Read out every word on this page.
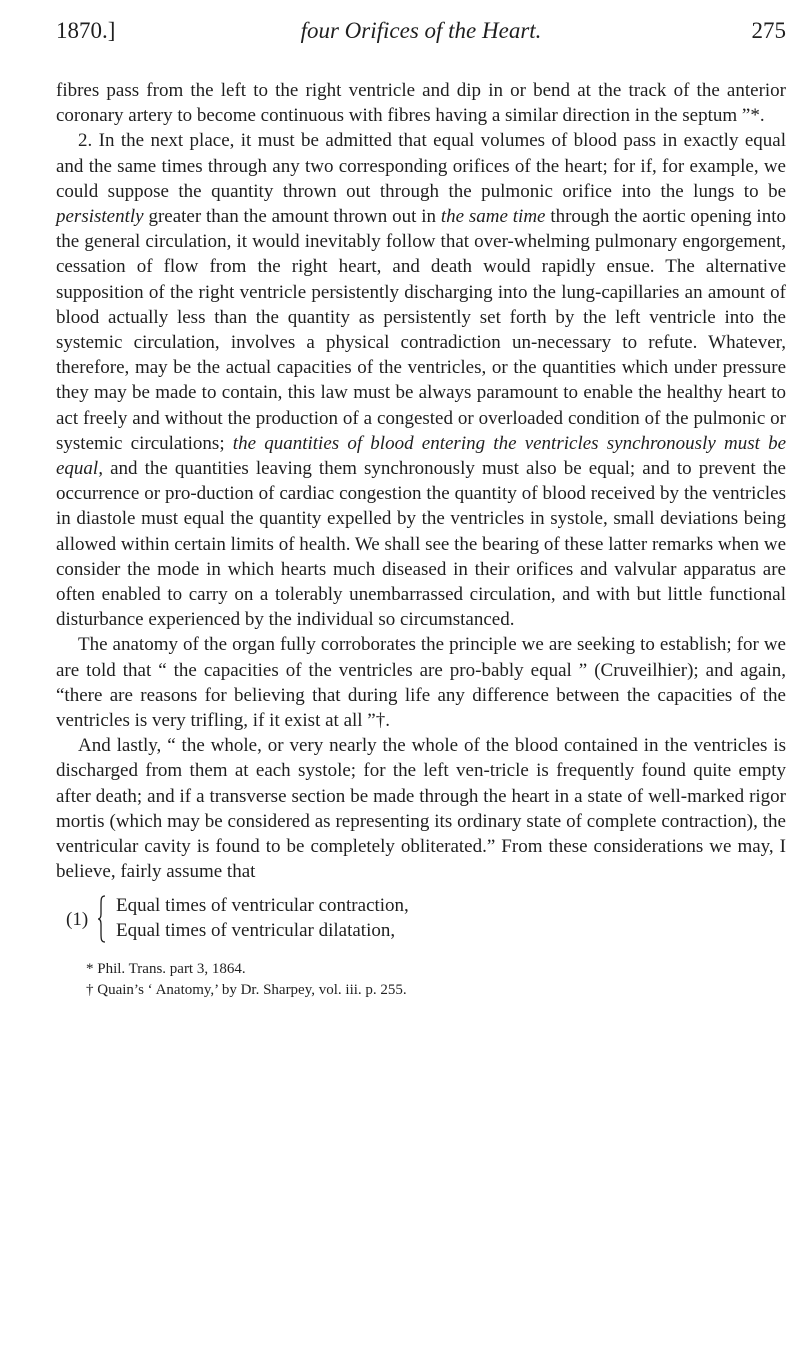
1870.]	four Orifices of the Heart.	275

fibres pass from the left to the right ventricle and dip in or bend at the track of the anterior coronary artery to become continuous with fibres having a similar direction in the septum ”*.

2. In the next place, it must be admitted that equal volumes of blood pass in exactly equal and the same times through any two corresponding orifices of the heart; for if, for example, we could suppose the quantity thrown out through the pulmonic orifice into the lungs to be persistently greater than the amount thrown out in the same time through the aortic opening into the general circulation, it would inevitably follow that over-whelming pulmonary engorgement, cessation of flow from the right heart, and death would rapidly ensue. The alternative supposition of the right ventricle persistently discharging into the lung-capillaries an amount of blood actually less than the quantity as persistently set forth by the left ventricle into the systemic circulation, involves a physical contradiction un-necessary to refute. Whatever, therefore, may be the actual capacities of the ventricles, or the quantities which under pressure they may be made to contain, this law must be always paramount to enable the healthy heart to act freely and without the production of a congested or overloaded condition of the pulmonic or systemic circulations; the quantities of blood entering the ventricles synchronously must be equal, and the quantities leaving them synchronously must also be equal; and to prevent the occurrence or pro-duction of cardiac congestion the quantity of blood received by the ventricles in diastole must equal the quantity expelled by the ventricles in systole, small deviations being allowed within certain limits of health. We shall see the bearing of these latter remarks when we consider the mode in which hearts much diseased in their orifices and valvular apparatus are often enabled to carry on a tolerably unembarrassed circulation, and with but little functional disturbance experienced by the individual so circumstanced.

The anatomy of the organ fully corroborates the principle we are seeking to establish; for we are told that “ the capacities of the ventricles are pro-bably equal ” (Cruveilhier); and again, “there are reasons for believing that during life any difference between the capacities of the ventricles is very trifling, if it exist at all ”†.

And lastly, “ the whole, or very nearly the whole of the blood contained in the ventricles is discharged from them at each systole; for the left ven-tricle is frequently found quite empty after death; and if a transverse section be made through the heart in a state of well-marked rigor mortis (which may be considered as representing its ordinary state of complete contraction), the ventricular cavity is found to be completely obliterated.” From these considerations we may, I believe, fairly assume that

(1)
Equal times of ventricular contraction,
Equal times of ventricular dilatation,
* Phil. Trans. part 3, 1864.
† Quain’s ‘ Anatomy,’ by Dr. Sharpey, vol. iii. p. 255.
